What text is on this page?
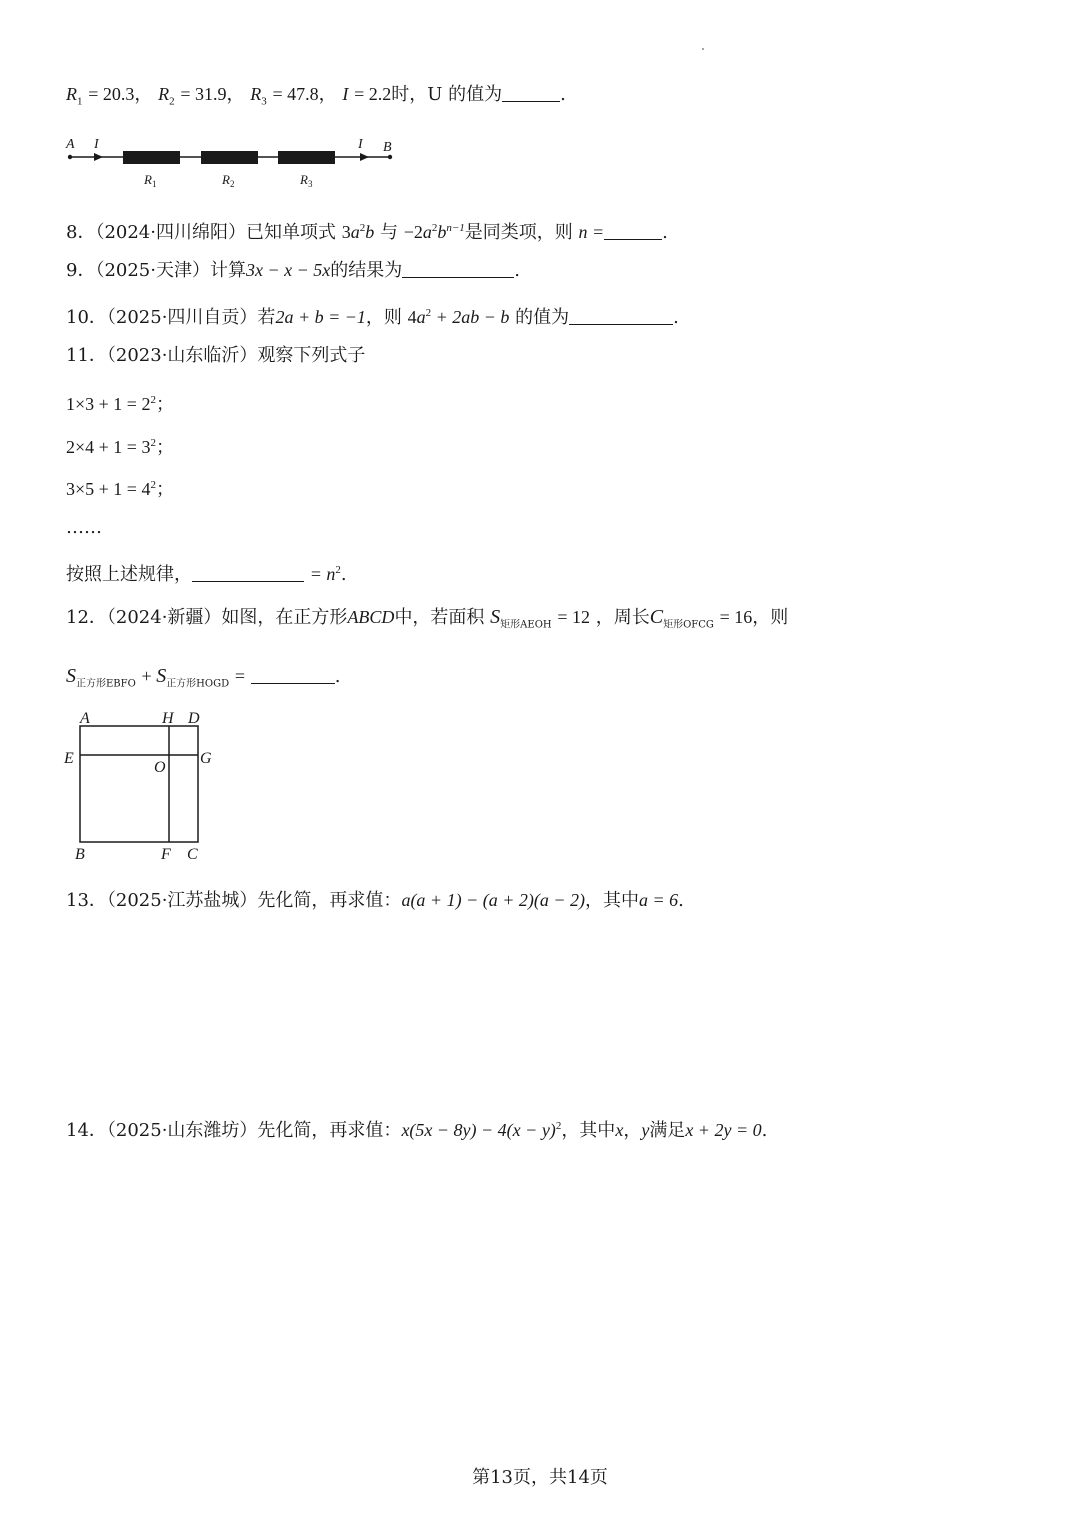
$R_1 = 20.3$， $R_2 = 31.9$， $R_3 = 47.8$， I = 2.2时，U 的值为	.
A I	I B
$R_1$	$R_2$	$R_3$
8．（2024·四川绵阳）已知单项式 $3a^2b$ 与 $-2a^2b^{n-1}$是同类项，则 n =	.
9．（2025·天津）计算3x − x − 5x的结果为	.
10．（2025·四川自贡）若2a + b = −1，则 $4a^2 + 2ab - b$ 的值为	.
11．（2023·山东临沂）观察下列式子
$1\times 3 + 1 = 2^2$；
$2\times 4 + 1 = 3^2$；
$3\times 5 + 1 = 4^2$；
……
按照上述规律，	= $n^2$.
12．（2024·新疆）如图，在正方形ABCD中，若面积 $S_{矩形AEOH} = 12$ ，周长$C_{矩形OFCG} = 16$，则
$S_{正方形EBFO} + S_{正方形HOGD}$ =	.
A	H D
E
O
G
B	F C
13．（2025·江苏盐城）先化简，再求值：a(a + 1) − (a + 2)(a − 2)，其中a = 6.
14．（2025·山东潍坊）先化简，再求值：$x(5x - 8y) - 4(x - y)^2$，其中x，y满足x + 2y = 0.
第13页，共14页
